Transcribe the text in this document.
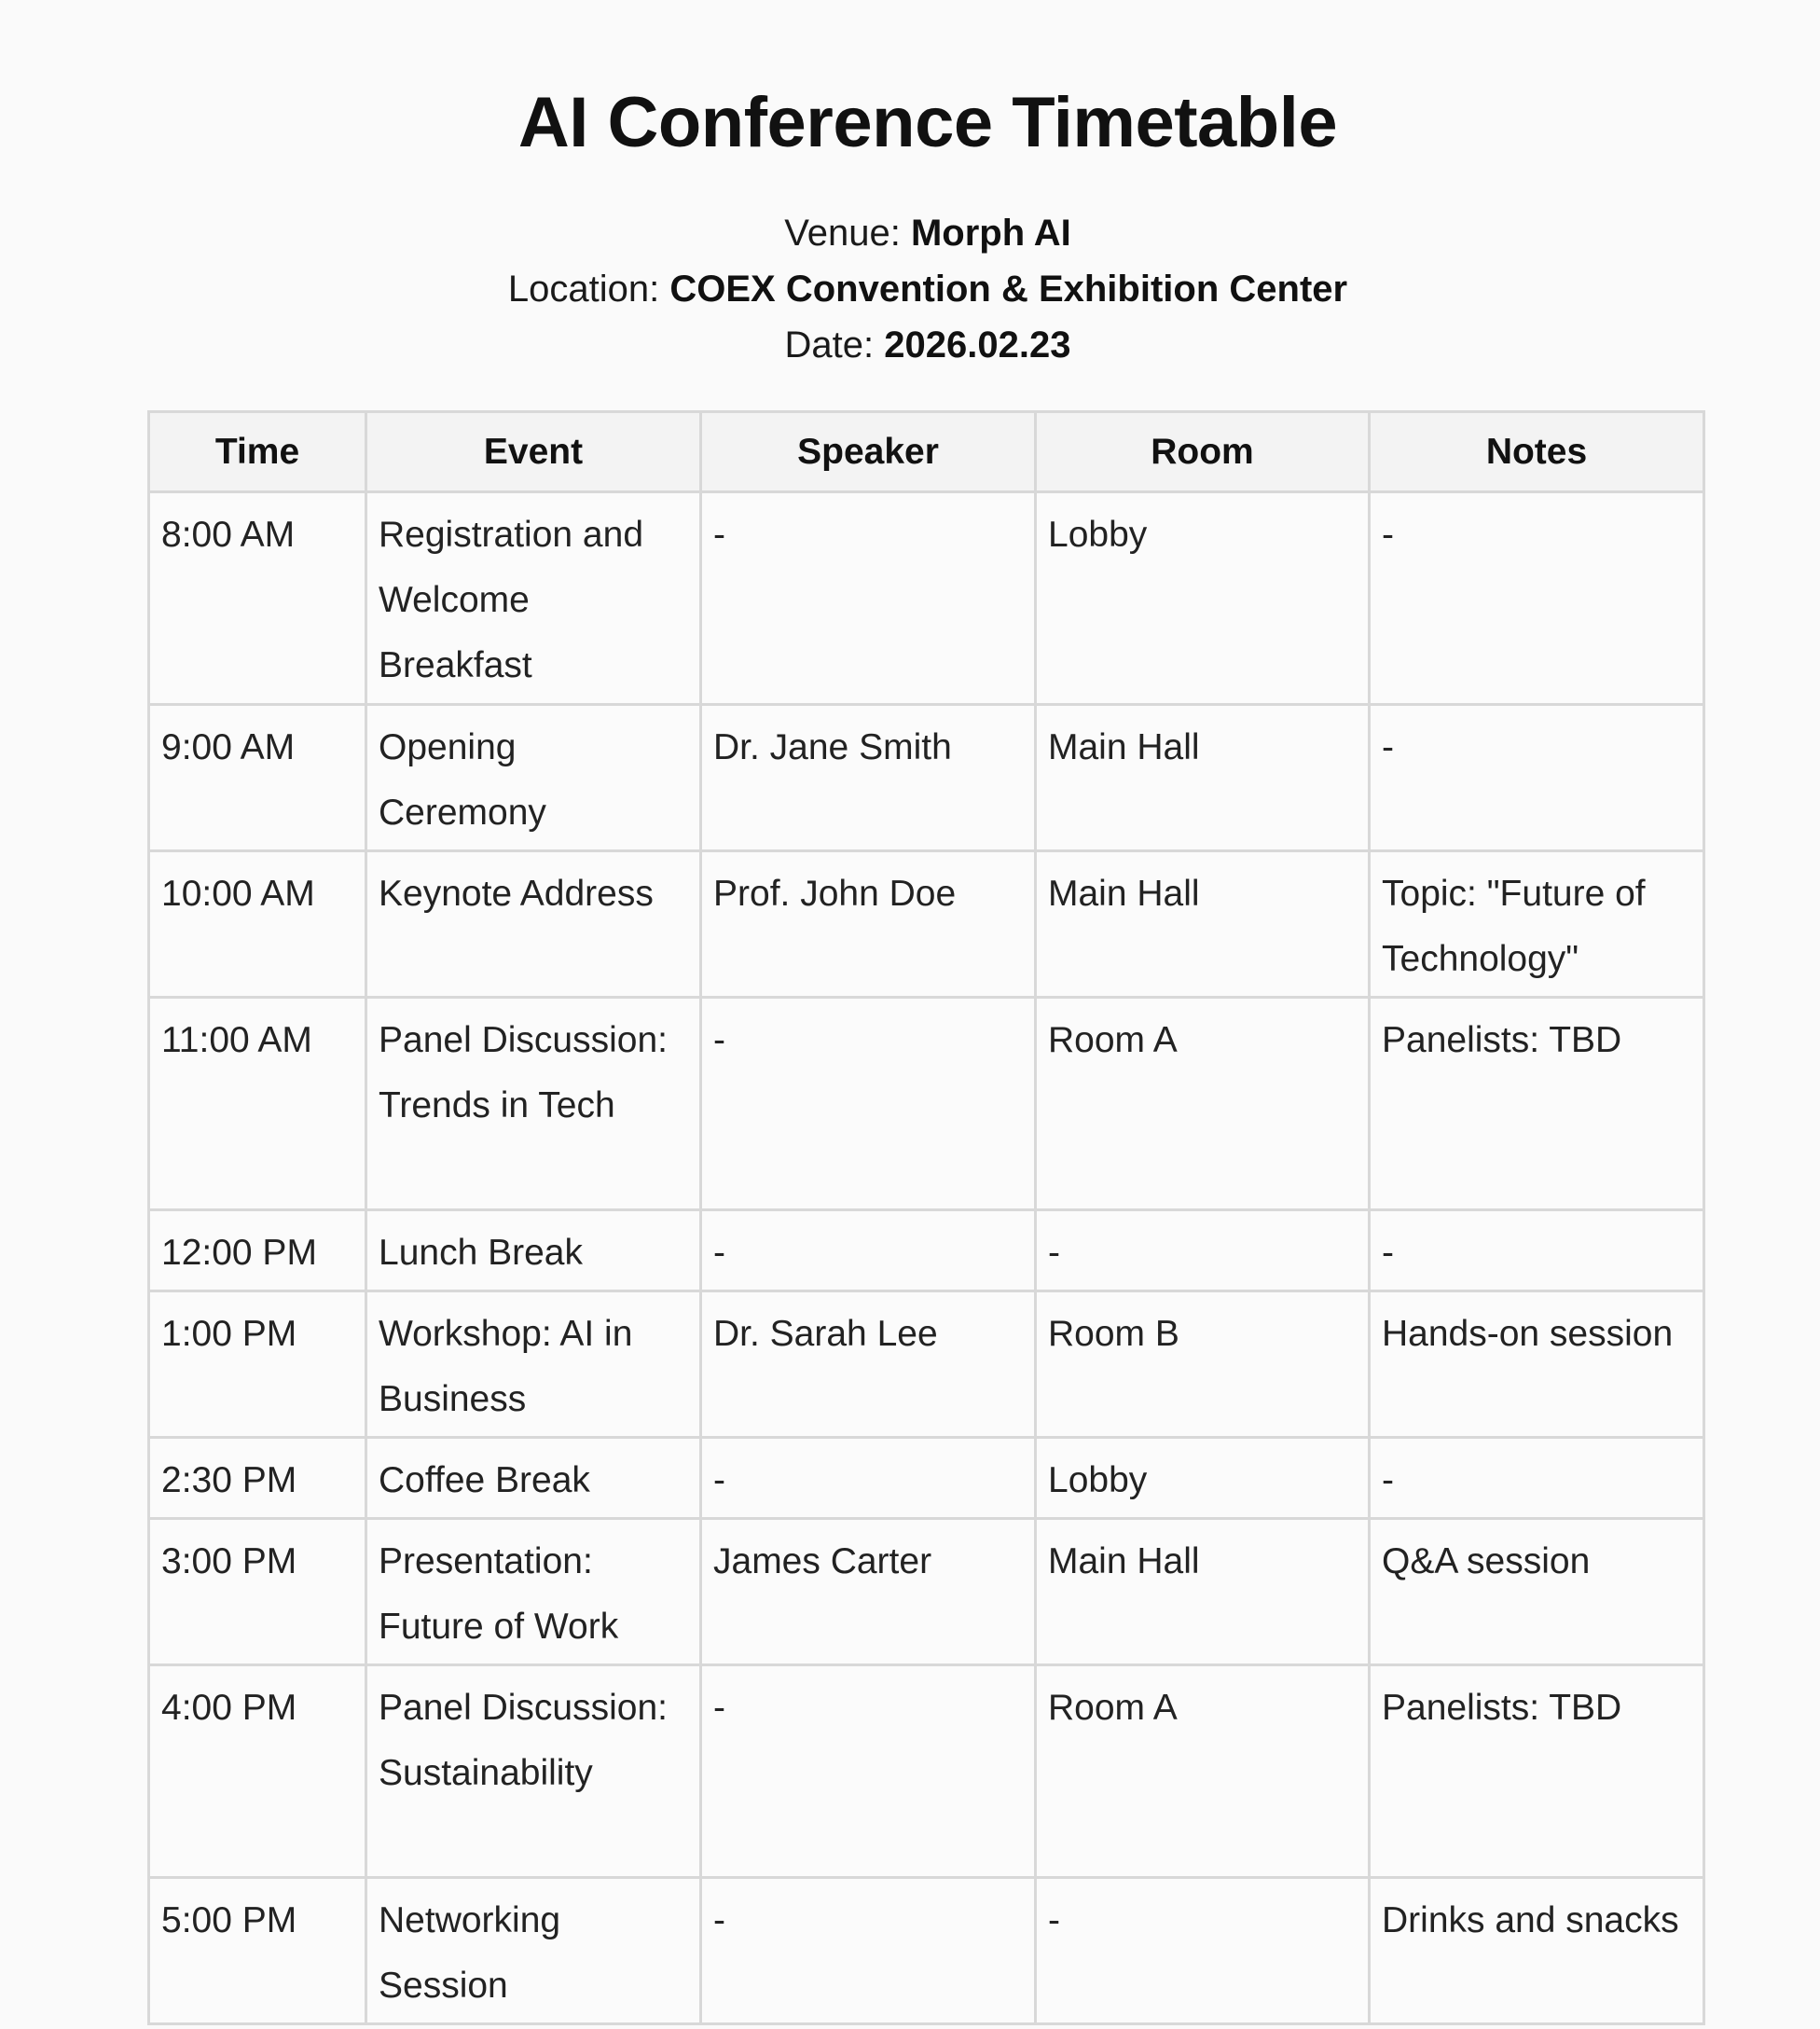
AI Conference Timetable
Venue: Morph AI
Location: COEX Convention & Exhibition Center
Date: 2026.02.23
Time	Event	Speaker	Room	Notes
8:00 AM	Registration and Welcome Breakfast	-	Lobby	-
9:00 AM	Opening Ceremony	Dr. Jane Smith	Main Hall	-
10:00 AM	Keynote Address	Prof. John Doe	Main Hall	Topic: "Future of Technology"
11:00 AM	Panel Discussion: Trends in Tech	-	Room A	Panelists: TBD
12:00 PM	Lunch Break	-	-	-
1:00 PM	Workshop: AI in Business	Dr. Sarah Lee	Room B	Hands-on session
2:30 PM	Coffee Break	-	Lobby	-
3:00 PM	Presentation: Future of Work	James Carter	Main Hall	Q&A session
4:00 PM	Panel Discussion: Sustainability	-	Room A	Panelists: TBD
5:00 PM	Networking Session	-	-	Drinks and snacks
